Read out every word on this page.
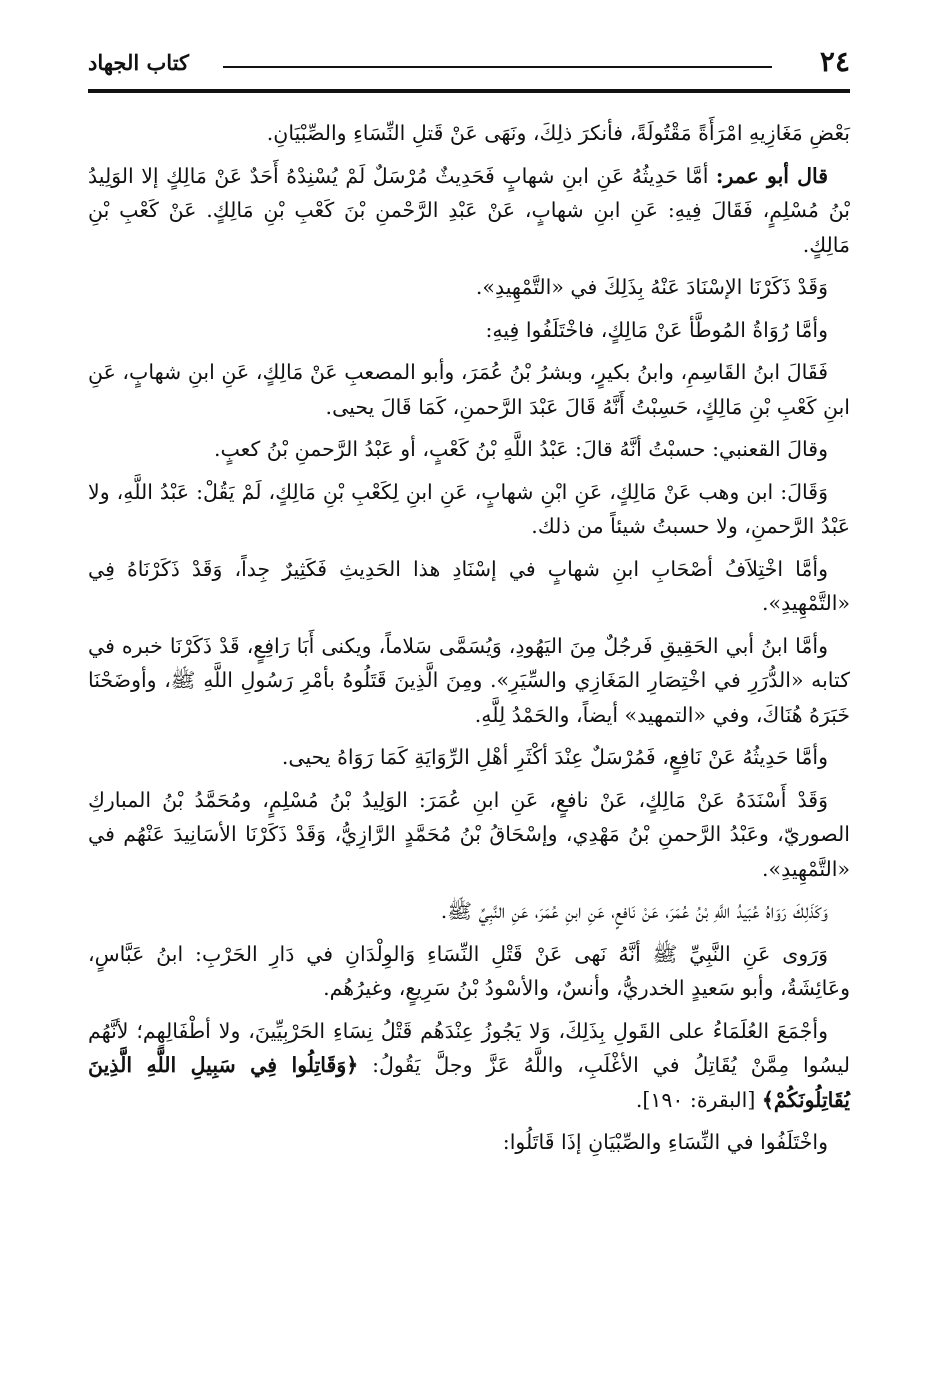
٢٤
كتاب الجهاد

بَعْضِ مَغَازِيهِ امْرَأَةً مَقْتُولَةً، فأنكرَ ذلِكَ، ونَهَى عَنْ قَتلِ النِّسَاءِ والصِّبْيَانِ.

قال أبو عمر: أمَّا حَدِيثُهُ عَنِ ابنِ شهابٍ فَحَدِيثٌ مُرْسَلٌ لَمْ يُسْنِدْهُ أَحَدٌ عَنْ مَالِكٍ إلا الوَلِيدُ بْنُ مُسْلِمٍ، فَقَالَ فِيهِ: عَنِ ابنِ شهابٍ، عَنْ عَبْدِ الرَّحْمنِ بْنَ كَعْبِ بْنِ مَالِكٍ. عَنْ كَعْبِ بْنِ مَالِكٍ.

وَقَدْ ذَكَرْنَا الإسْنَادَ عَنْهُ بِذَلِكَ في «التَّمْهِيدِ».

وأمَّا رُوَاةُ المُوطَّأ عَنْ مَالِكٍ، فاخْتَلَفُوا فِيهِ:

فَقَالَ ابنُ القَاسِمِ، وابنُ بكيرٍ، وبشرُ بْنُ عُمَرَ، وأبو المصعبِ عَنْ مَالِكٍ، عَنِ ابنِ شهابٍ، عَنِ ابنِ كَعْبِ بْنِ مَالِكٍ، حَسِبْتُ أَنَّهُ قَالَ عَبْدَ الرَّحمنِ، كَمَا قَالَ يحيى.

وقالَ القعنبي: حسبْتُ أنَّهُ قالَ: عَبْدُ اللَّهِ بْنُ كَعْبٍ، أو عَبْدُ الرَّحمنِ بْنُ كعبٍ.

وَقَالَ: ابن وهب عَنْ مَالِكٍ، عَنِ ابْنِ شهابٍ، عَنِ ابنِ لِكَعْبِ بْنِ مَالِكٍ، لَمْ يَقُلْ: عَبْدُ اللَّهِ، ولا عَبْدُ الرَّحمنِ، ولا حسبتُ شيئاً من ذلك.

وأمَّا اخْتِلاَفُ أصْحَابِ ابنِ شهابٍ في إسْنَادِ هذا الحَدِيثِ فَكَثِيرٌ جِداً، وَقَدْ ذَكَرْنَاهُ فِي «التَّمْهِيدِ».

وأمَّا ابنُ أبي الحَقِيقِ فَرجُلٌ مِنَ اليَهُودِ، وَيُسَمَّى سَلاماً، ويكنى أَبَا رَافِعٍ، قَدْ ذَكَرْنَا خبره في كتابه «الدُّرَرِ في اخْتِصَارِ المَغَازِي والسِّيَرِ». ومِنَ الَّذِينَ قَتَلُوهُ بأمْرِ رَسُولِ اللَّهِ ﷺ، وأوضَحْنَا خَبَرَهُ هُنَاكَ، وفي «التمهيد» أيضاً، والحَمْدُ لِلَّهِ.

وأمَّا حَدِيثُهُ عَنْ نَافِعٍ، فَمُرْسَلٌ عِنْدَ أكْثَرِ أهْلِ الرِّوَايَةِ كَمَا رَوَاهُ يحيى.

وَقَدْ أَسْنَدَهُ عَنْ مَالِكٍ، عَنْ نافعٍ، عَنِ ابنِ عُمَرَ: الوَلِيدُ بْنُ مُسْلِمٍ، ومُحَمَّدُ بْنُ المباركِ الصوريّ، وعَبْدُ الرَّحمنِ بْنُ مَهْدِي، وإسْحَاقُ بْنُ مُحَمَّدٍ الرَّازِيُّ، وَقَدْ ذَكَرْنَا الأسَانِيدَ عَنْهُم في «التَّمْهِيدِ».

وَكَذَلِكَ رَوَاهُ عُبَيدُ اللَّهِ بْنُ عُمَرَ، عَنْ نَافعٍ، عَنِ ابنِ عُمَرَ، عَنِ النَّبِيِّ ﷺ.

وَرَوى عَنِ النَّبِيِّ ﷺ أنَّهُ نَهى عَنْ قَتْلِ النِّسَاءِ وَالوِلْدَانِ في دَارِ الحَرْبِ: ابنُ عَبَّاسٍ، وعَائِشَةُ، وأبو سَعيدٍ الخدريُّ، وأنسٌ، والأسْودُ بْنُ سَرِيعٍ، وغيرُهُم.

وأجْمَعَ العُلَمَاءُ على القَولِ بِذَلِكَ، وَلا يَجُوزُ عِنْدَهُم قَتْلُ نِسَاءِ الحَرْبِيِّينَ، ولا أطْفَالِهِم؛ لأنَّهُم ليسُوا مِمَّنْ يُقَاتِلُ في الأغْلَبِ، واللَّهُ عَزَّ وجلَّ يَقُولُ: ﴿وَقَاتِلُوا فِي سَبِيلِ اللَّهِ الَّذِينَ يُقَاتِلُونَكُمْ﴾ [البقرة: ١٩٠].

واخْتَلَفُوا في النِّسَاءِ والصِّبْيَانِ إذَا قَاتَلُوا:
